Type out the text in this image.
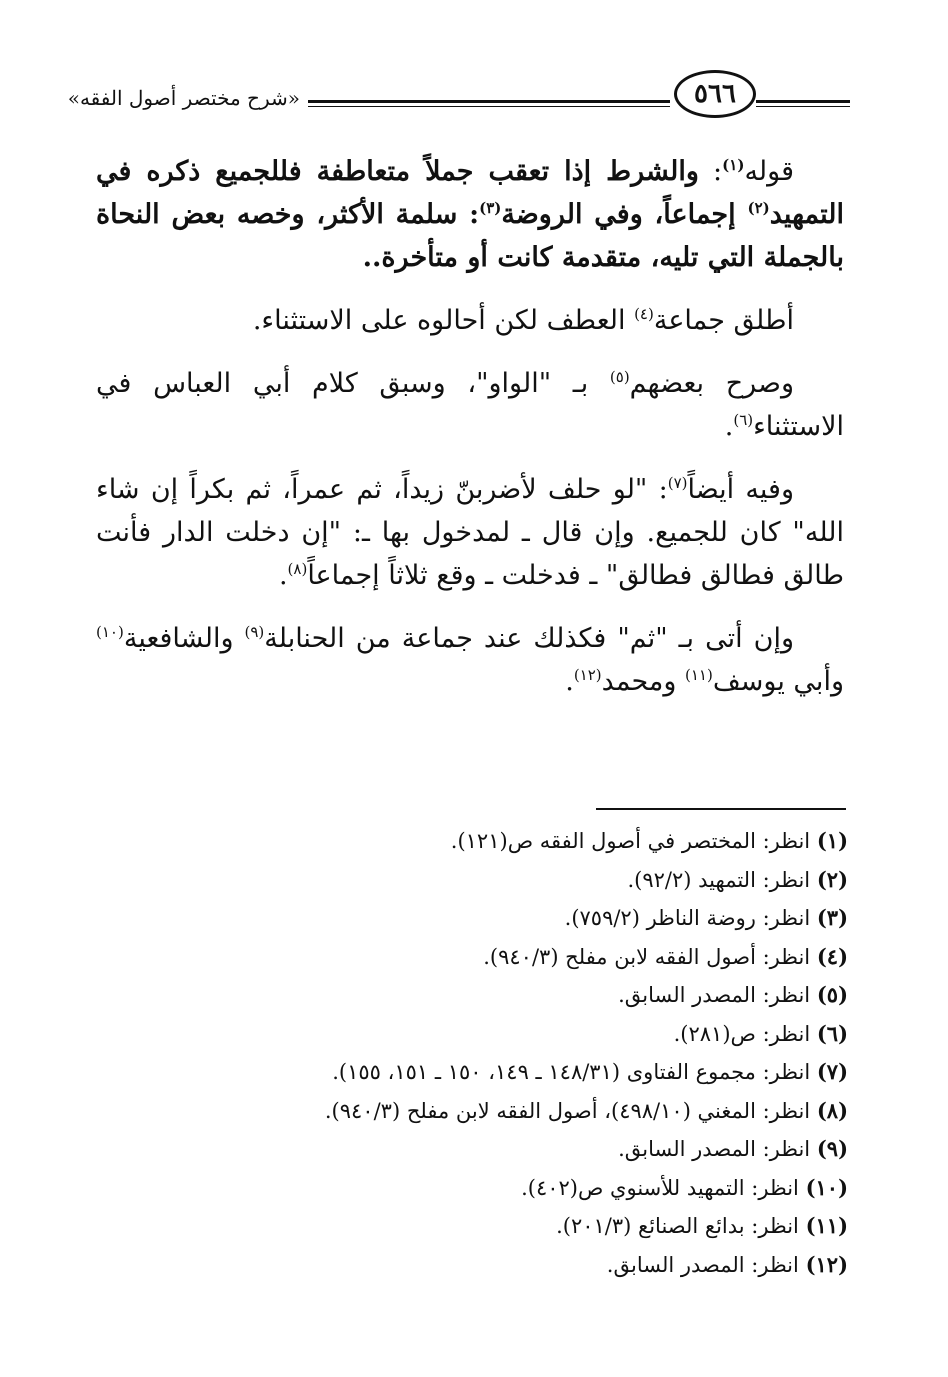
«شرح مختصر أصول الفقه»	٥٦٦

قوله$^{(١)}$: والشرط إذا تعقب جملاً متعاطفة فللجميع ذكره في التمهيد$^{(٢)}$ إجماعاً، وفي الروضة$^{(٣)}$: سلمة الأكثر، وخصه بعض النحاة بالجملة التي تليه، متقدمة كانت أو متأخرة..

أطلق جماعة$^{(٤)}$ العطف لكن أحالوه على الاستثناء.

وصرح بعضهم$^{(٥)}$ بـ "الواو"، وسبق كلام أبي العباس في الاستثناء$^{(٦)}$.

وفيه أيضاً$^{(٧)}$: "لو حلف لأضربنّ زيداً، ثم عمراً، ثم بكراً إن شاء الله" كان للجميع. وإن قال ـ لمدخول بها ـ: "إن دخلت الدار فأنت طالق فطالق فطالق" ـ فدخلت ـ وقع ثلاثاً إجماعاً$^{(٨)}$.

وإن أتى بـ "ثم" فكذلك عند جماعة من الحنابلة$^{(٩)}$ والشافعية$^{(١٠)}$ وأبي يوسف$^{(١١)}$ ومحمد$^{(١٢)}$.

(١) انظر: المختصر في أصول الفقه ص(١٢١).
(٢) انظر: التمهيد (٩٢/٢).
(٣) انظر: روضة الناظر (٧٥٩/٢).
(٤) انظر: أصول الفقه لابن مفلح (٩٤٠/٣).
(٥) انظر: المصدر السابق.
(٦) انظر: ص(٢٨١).
(٧) انظر: مجموع الفتاوى (١٤٨/٣١ ـ ١٤٩، ١٥٠ ـ ١٥١، ١٥٥).
(٨) انظر: المغني (٤٩٨/١٠)، أصول الفقه لابن مفلح (٩٤٠/٣).
(٩) انظر: المصدر السابق.
(١٠) انظر: التمهيد للأسنوي ص(٤٠٢).
(١١) انظر: بدائع الصنائع (٢٠١/٣).
(١٢) انظر: المصدر السابق.
